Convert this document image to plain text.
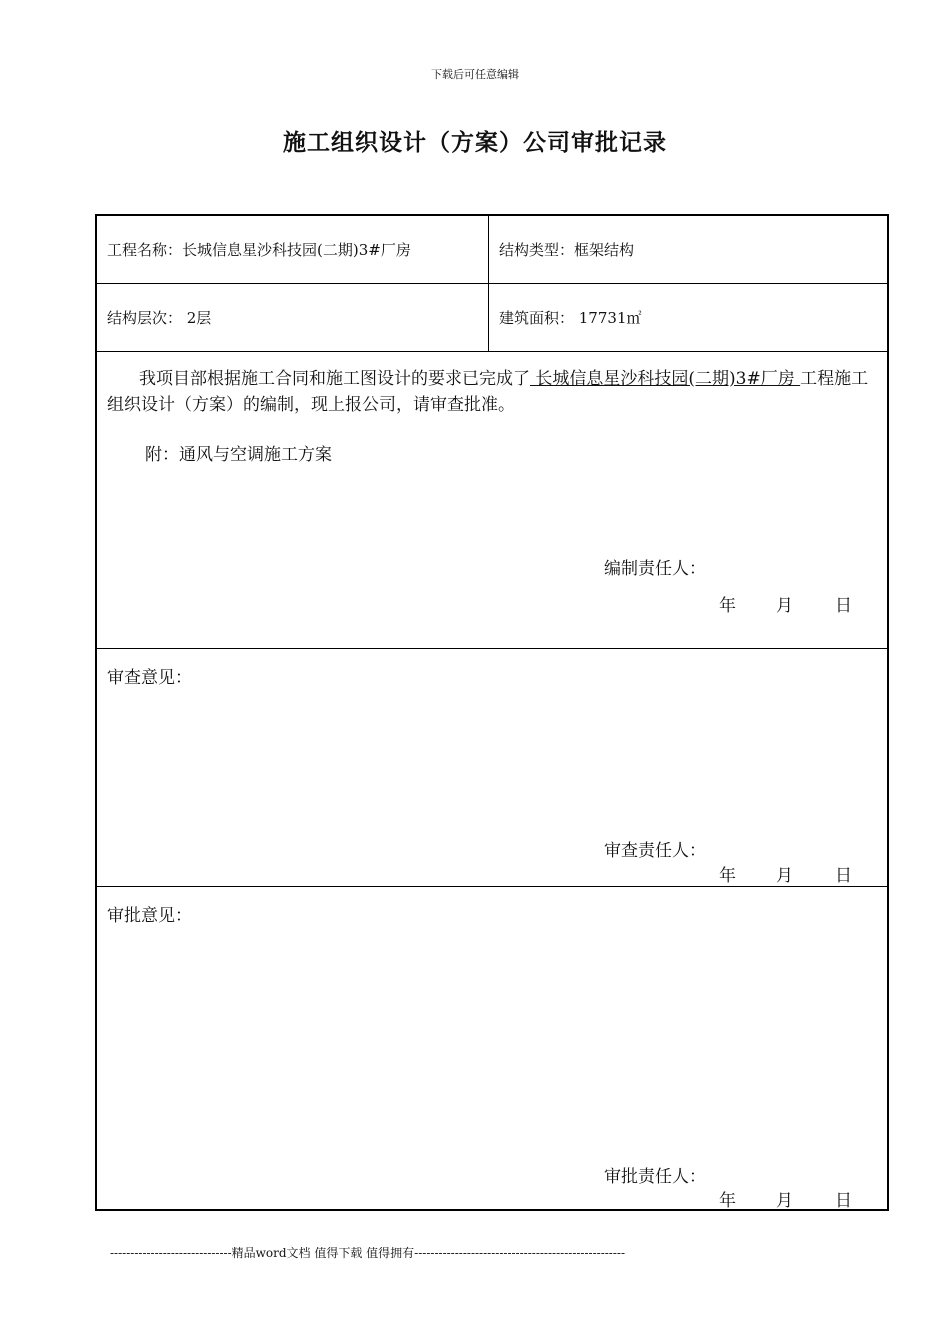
下载后可任意编辑
施工组织设计（方案）公司审批记录
工程名称：长城信息星沙科技园(二期)3#厂房	结构类型：框架结构
结构层次： 2层	建筑面积： 17731㎡
我项目部根据施工合同和施工图设计的要求已完成了 长城信息星沙科技园(二期)3#厂房 工程施工组织设计（方案）的编制，现上报公司，请审查批准。
附：通风与空调施工方案
编制责任人：
年 月 日
审查意见：
审查责任人：
年 月 日
审批意见：
审批责任人：
年 月 日
------------------------------精品word文档 值得下载 值得拥有----------------------------------------------------
